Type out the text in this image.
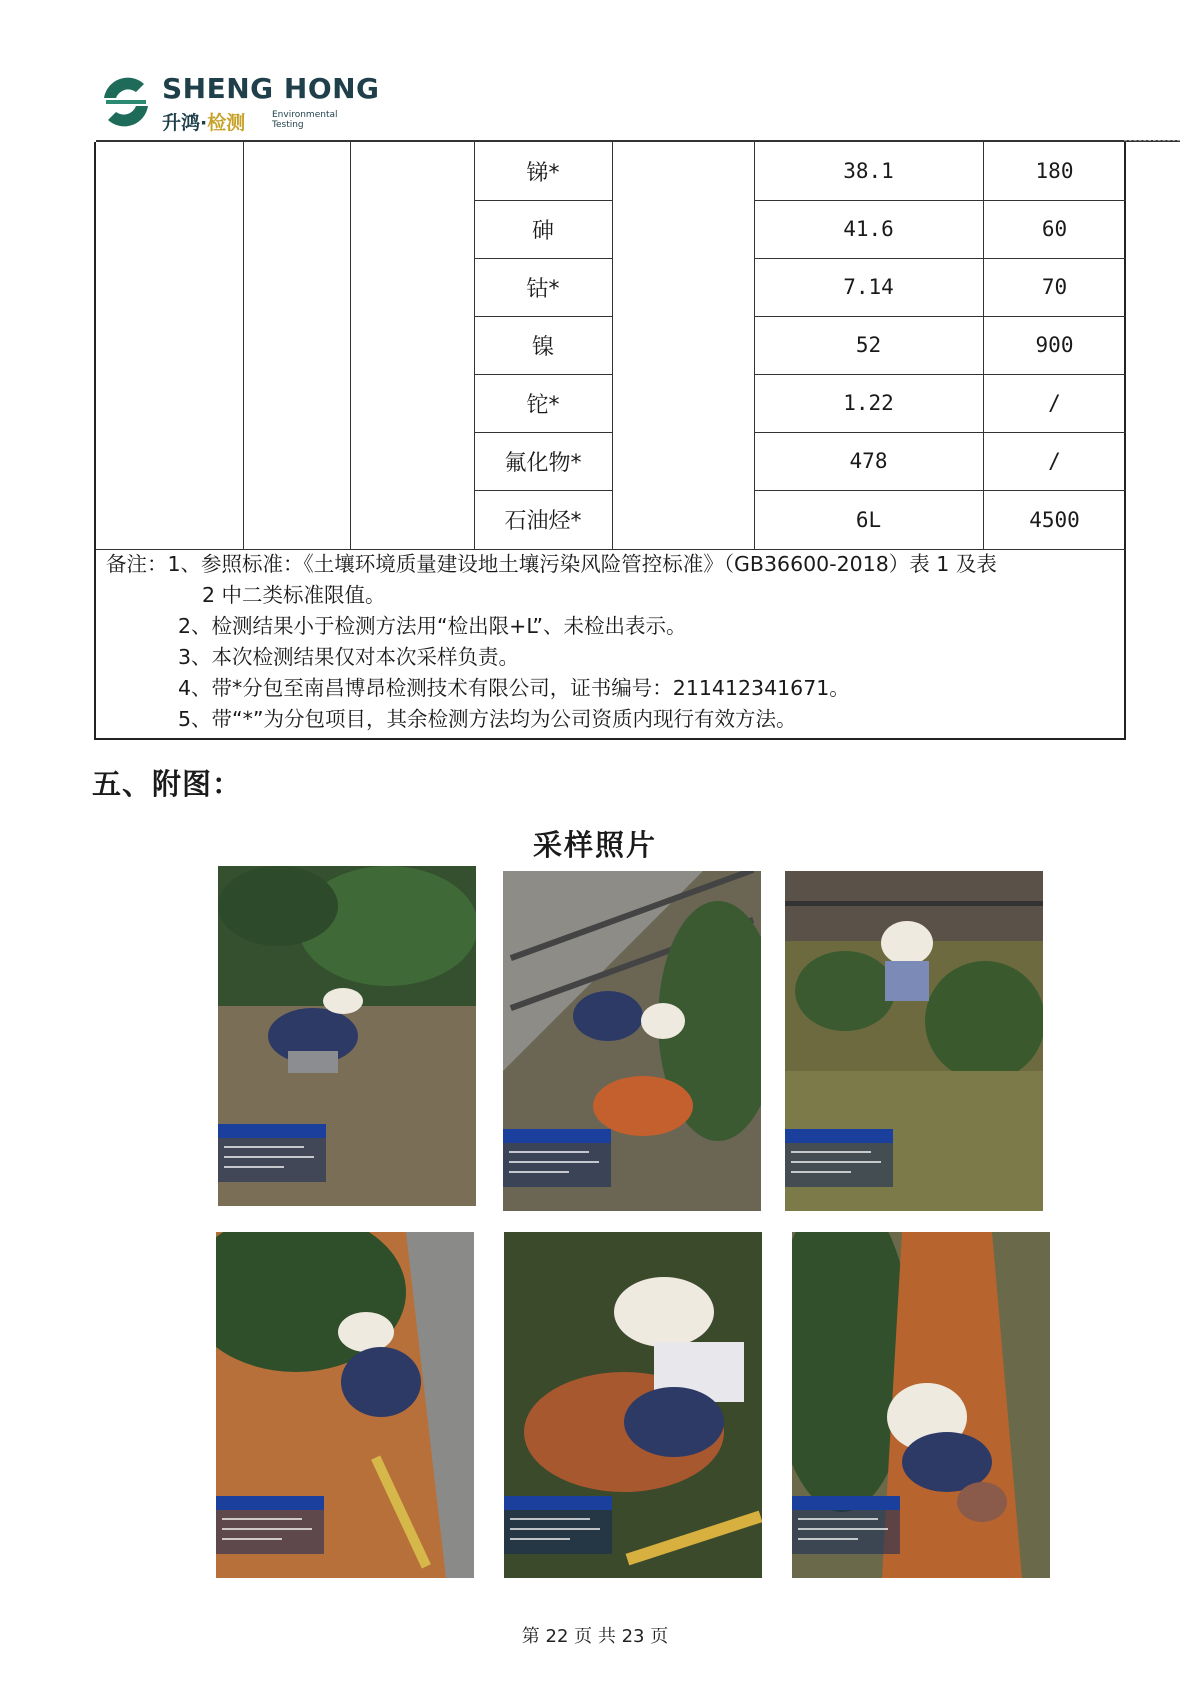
SHENG HONG
升鸿·检测	Environmental Testing
锑*	38.1	180
砷	41.6	60
钴*	7.14	70
镍	52	900
铊*	1.22	/
氟化物*	478	/
石油烃*	6L	4500
备注：1、参照标准：《土壤环境质量建设地土壤污染风险管控标准》（GB36600-2018）表 1 及表
2 中二类标准限值。
2、检测结果小于检测方法用“检出限+L”、未检出表示。
3、本次检测结果仅对本次采样负责。
4、带*分包至南昌博昂检测技术有限公司，证书编号：211412341671。
5、带“*”为分包项目，其余检测方法均为公司资质内现行有效方法。
五、附图：
采样照片
第 22 页 共 23 页
